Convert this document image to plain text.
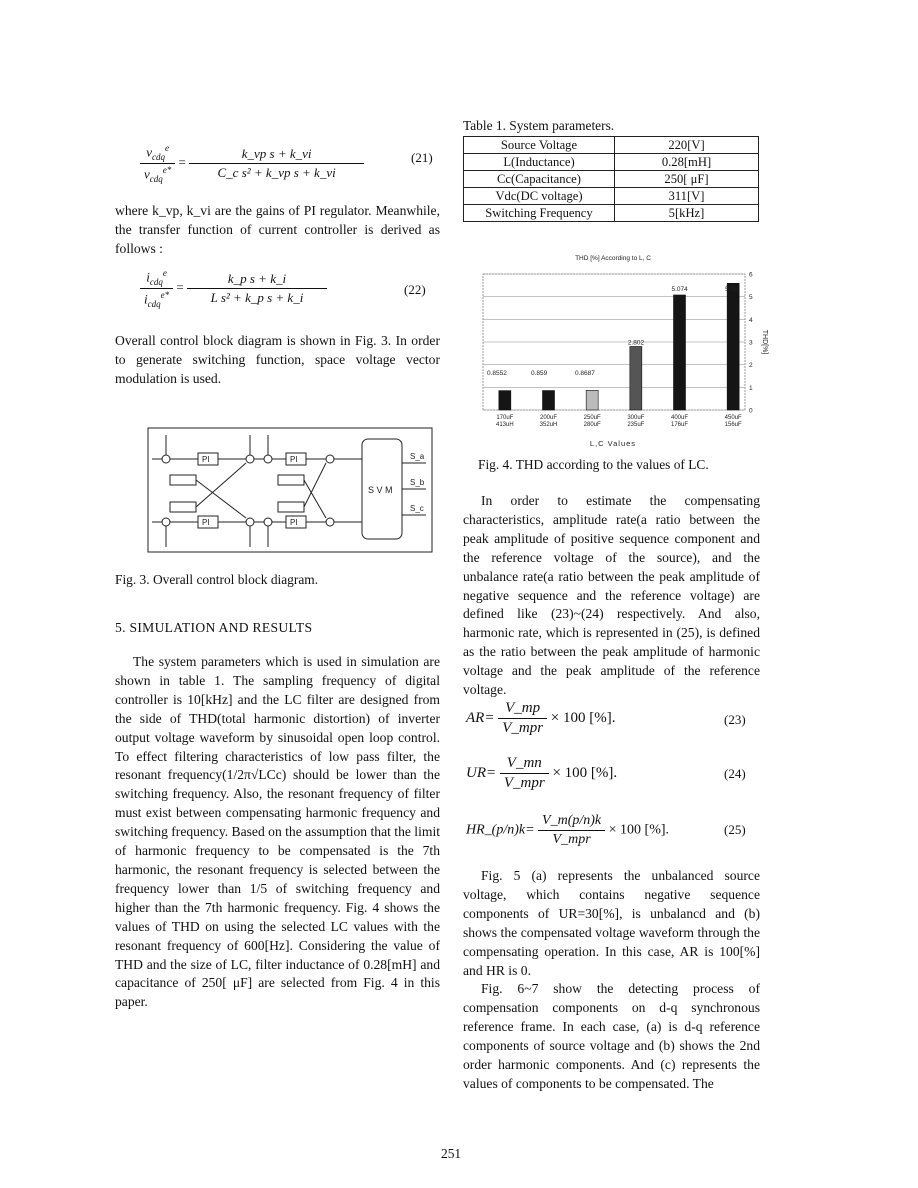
$\frac{v_{cdq}^e}{v_{cdq}^{e*}} = \frac{\text{k\_vp s + k\_vi}}{\text{C\_c s² + k\_vp s + k\_vi}}$	(21)

where k_vp, k_vi are the gains of PI regulator. Meanwhile, the transfer function of current controller is derived as follows :

$\frac{i_{cdq}^e}{i_{cdq}^{e*}} = \frac{\text{k\_p s + k\_i}}{\text{L s² + k\_p s + k\_i}}$	(22)

Overall control block diagram is shown in Fig. 3. In order to generate switching function, space voltage vector modulation is used.

PI	PI
PI	PI
S V M
S_a
S_b
S_c
Fig. 3. Overall control block diagram.
5. SIMULATION AND RESULTS

The system parameters which is used in simulation are shown in table 1. The sampling frequency of digital controller is 10[kHz] and the LC filter are designed from the side of THD(total harmonic distortion) of inverter output voltage waveform by sinusoidal open loop control. To effect filtering characteristics of low pass filter, the resonant frequency(1/2π√LCc) should be lower than the switching frequency. Also, the resonant frequency of filter must exist between compensating harmonic frequency and switching frequency. Based on the assumption that the limit of harmonic frequency to be compensated is the 7th harmonic, the resonant frequency is selected between the frequency lower than 1/5 of switching frequency and higher than the 7th harmonic frequency. Fig. 4 shows the values of THD on using the selected LC values with the resonant frequency of 600[Hz]. Considering the value of THD and the size of LC, filter inductance of 0.28[mH] and capacitance of 250[ μF] are selected from Fig. 4 in this paper.

Table 1. System parameters.
Source Voltage	220[V]
L(Inductance)	0.28[mH]
Cc(Capacitance)	250[ μF]
Vdc(DC voltage)	311[V]
Switching Frequency	5[kHz]
THD [%] According to L, C
0.8552	0.859	0.8687
2.802
5.074	5.59
0
1
2
3
4
5
6
170uF
413uH
200uF
352uH
250uF
280uF
300uF
235uF
400uF
176uF
450uF
156uF
THD[%]
L,C Values
Fig. 4. THD according to the values of LC.

In order to estimate the compensating characteristics, amplitude rate(a ratio between the peak amplitude of positive sequence component and the reference voltage of the source), and the unbalance rate(a ratio between the peak amplitude of negative sequence and the reference voltage) are defined like (23)~(24) respectively. And also, harmonic rate, which is represented in (25), is defined as the ratio between the peak amplitude of harmonic voltage and the peak amplitude of the reference voltage.

$AR= \frac{V\_mp}{\text{V\_mpr}} \times 100$ [%].	(23)
$UR= \frac{V\_mn}{\text{V\_mpr}} \times 100$ [%].	(24)
HR_(p/n)k= $\frac{V\_m(p/n)k}{\text{V\_mpr}} \times 100$ [%].	(25)

Fig. 5 (a) represents the unbalanced source voltage, which contains negative sequence components of UR=30[%], is unbalancd and (b) shows the compensated voltage waveform through the compensating operation. In this case, AR is 100[%] and HR is 0.

Fig. 6~7 show the detecting process of compensation components on d-q synchronous reference frame. In each case, (a) is d-q reference components of source voltage and (b) shows the 2nd order harmonic components. And (c) represents the values of components to be compensated. The

251
